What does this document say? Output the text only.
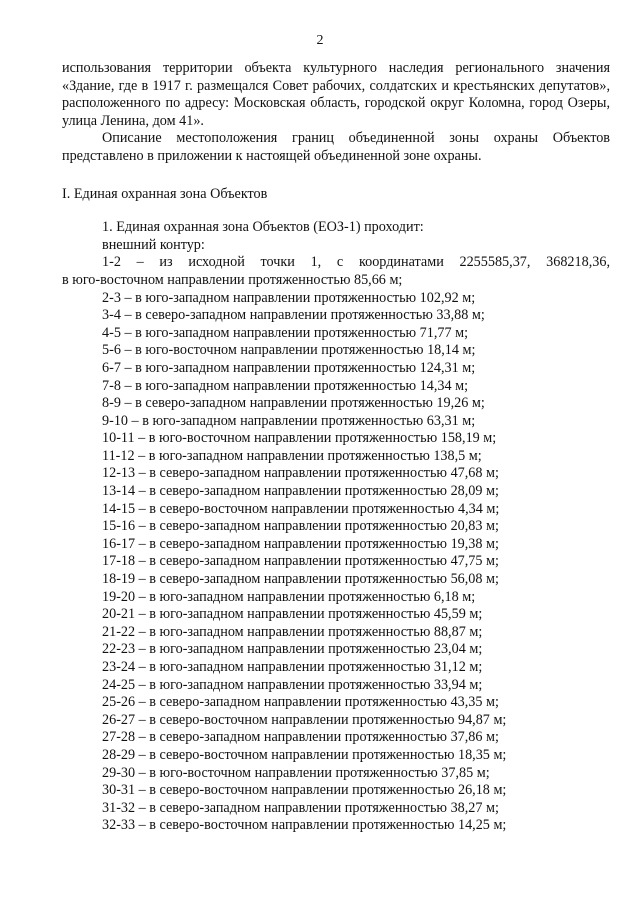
2

использования территории объекта культурного наследия регионального значения «Здание, где в 1917 г. размещался Совет рабочих, солдатских и крестьянских депутатов», расположенного по адресу: Московская область, городской округ Коломна, город Озеры, улица Ленина, дом 41».

Описание местоположения границ объединенной зоны охраны Объектов представлено в приложении к настоящей объединенной зоне охраны.

I. Единая охранная зона Объектов

1. Единая охранная зона Объектов (ЕОЗ-1) проходит:

внешний контур:

1-2 – из исходной точки 1, с координатами 2255585,37, 368218,36,

в юго-восточном направлении протяженностью 85,66 м;

2-3 – в юго-западном направлении протяженностью 102,92 м;

3-4 – в северо-западном направлении протяженностью 33,88 м;

4-5 – в юго-западном направлении протяженностью 71,77 м;

5-6 – в юго-восточном направлении протяженностью 18,14 м;

6-7 – в юго-западном направлении протяженностью 124,31 м;

7-8 – в юго-западном направлении протяженностью 14,34 м;

8-9 – в северо-западном направлении протяженностью 19,26 м;

9-10 – в юго-западном направлении протяженностью 63,31 м;

10-11 – в юго-восточном направлении протяженностью 158,19 м;

11-12 – в юго-западном направлении протяженностью 138,5 м;

12-13 – в северо-западном направлении протяженностью 47,68 м;

13-14 – в северо-западном направлении протяженностью 28,09 м;

14-15 – в северо-восточном направлении протяженностью 4,34 м;

15-16 – в северо-западном направлении протяженностью 20,83 м;

16-17 – в северо-западном направлении протяженностью 19,38 м;

17-18 – в северо-западном направлении протяженностью 47,75 м;

18-19 – в северо-западном направлении протяженностью 56,08 м;

19-20 – в юго-западном направлении протяженностью 6,18 м;

20-21 – в юго-западном направлении протяженностью 45,59 м;

21-22 – в юго-западном направлении протяженностью 88,87 м;

22-23 – в юго-западном направлении протяженностью 23,04 м;

23-24 – в юго-западном направлении протяженностью 31,12 м;

24-25 – в юго-западном направлении протяженностью 33,94 м;

25-26 – в северо-западном направлении протяженностью 43,35 м;

26-27 – в северо-восточном направлении протяженностью 94,87 м;

27-28 – в северо-западном направлении протяженностью 37,86 м;

28-29 – в северо-восточном направлении протяженностью 18,35 м;

29-30 – в юго-восточном направлении протяженностью 37,85 м;

30-31 – в северо-восточном направлении протяженностью 26,18 м;

31-32 – в северо-западном направлении протяженностью 38,27 м;

32-33 – в северо-восточном направлении протяженностью 14,25 м;
